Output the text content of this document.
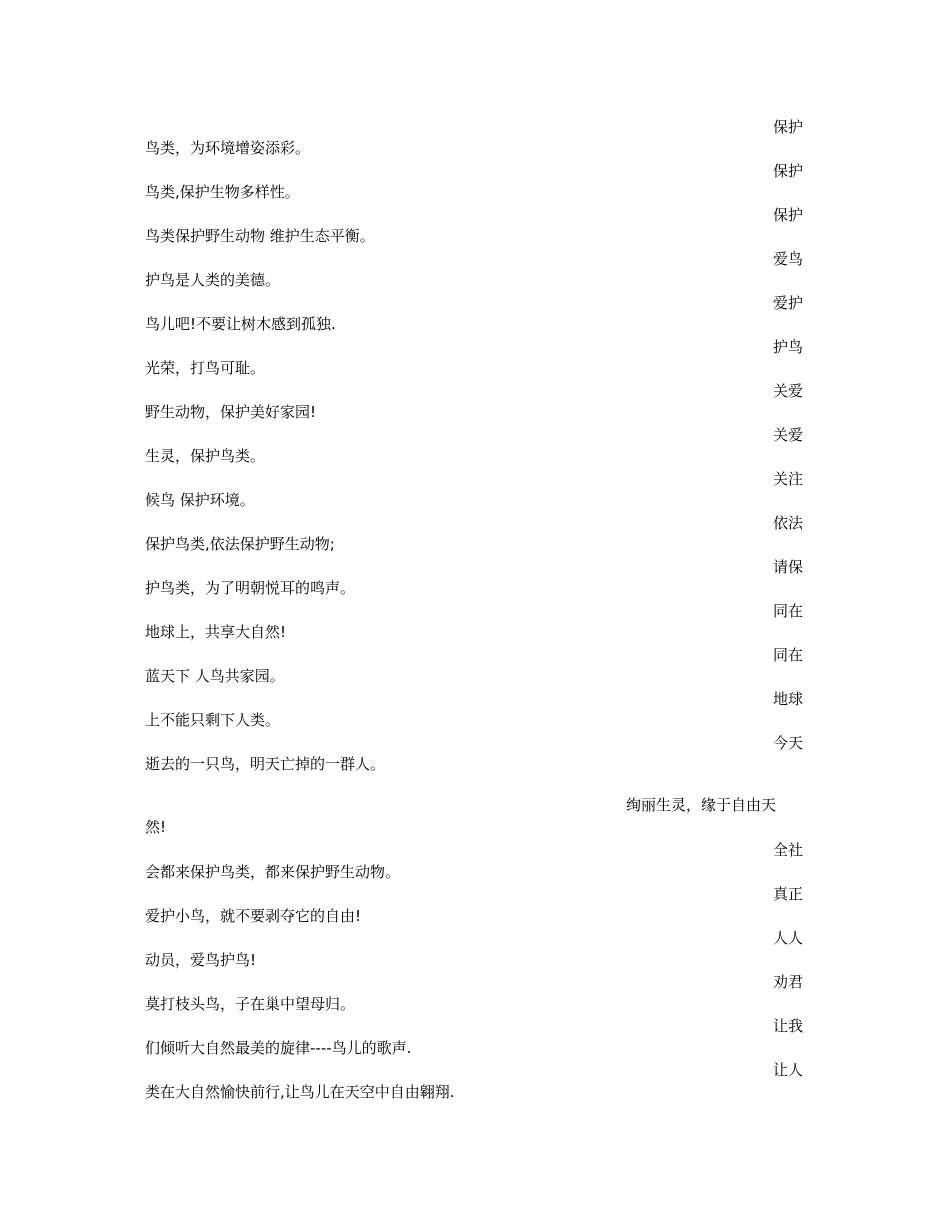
保护
鸟类，为环境增姿添彩。
保护
鸟类,保护生物多样性。
保护
鸟类保护野生动物 维护生态平衡。
爱鸟
护鸟是人类的美德。
爱护
鸟儿吧!不要让树木感到孤独.
护鸟
光荣，打鸟可耻。
关爱
野生动物，保护美好家园!
关爱
生灵，保护鸟类。
关注
候鸟 保护环境。
依法
保护鸟类,依法保护野生动物;
请保
护鸟类，为了明朝悦耳的鸣声。
同在
地球上，共享大自然!
同在
蓝天下 人鸟共家园。
地球
上不能只剩下人类。
今天
逝去的一只鸟，明天亡掉的一群人。
绚丽生灵，缘于自由天
然!
全社
会都来保护鸟类，都来保护野生动物。
真正
爱护小鸟，就不要剥夺它的自由!
人人
动员，爱鸟护鸟!
劝君
莫打枝头鸟，子在巢中望母归。
让我
们倾听大自然最美的旋律----鸟儿的歌声.
让人
类在大自然愉快前行,让鸟儿在天空中自由翱翔.
